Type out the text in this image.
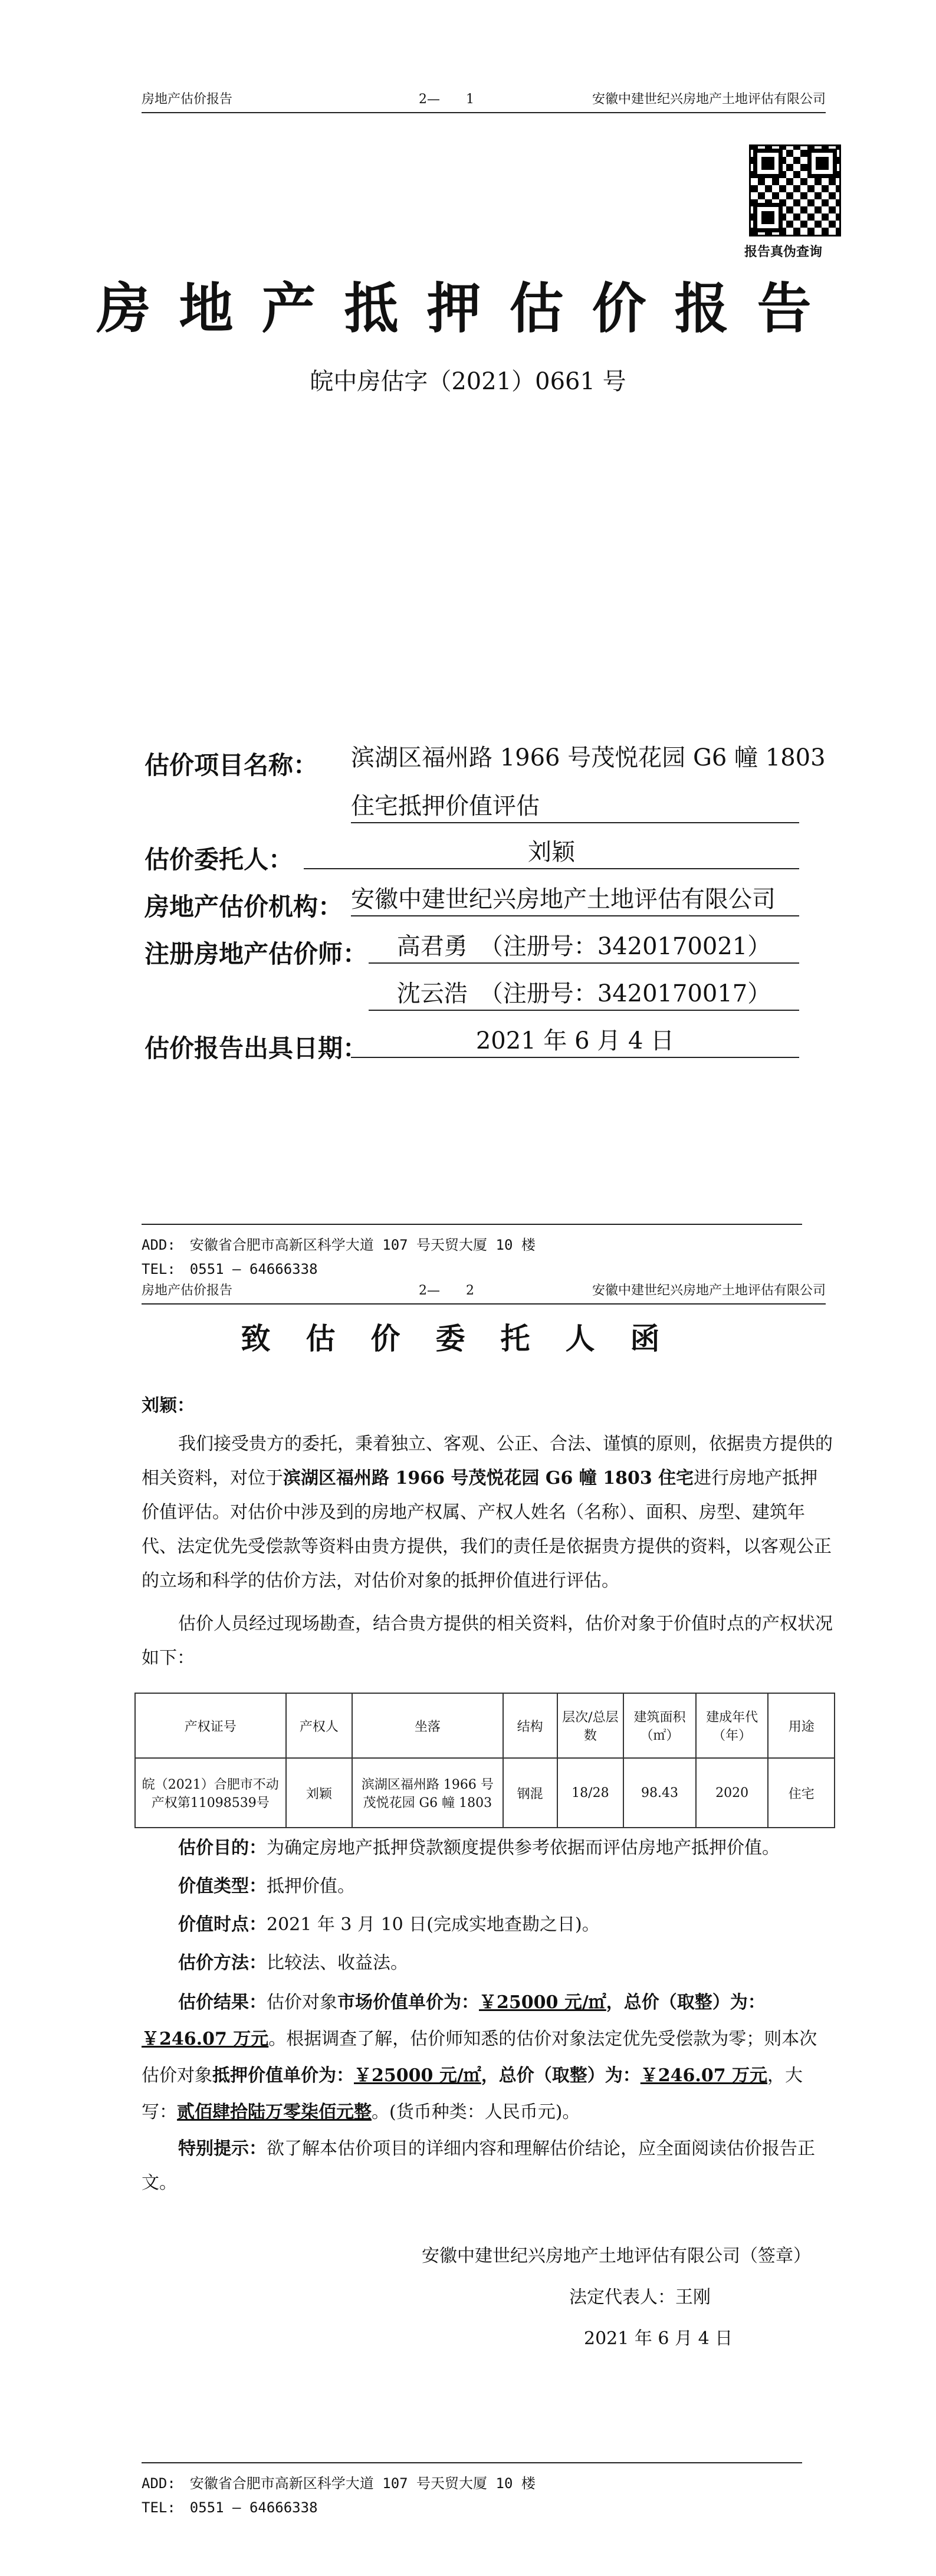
房地产估价报告	2—　　1	安徽中建世纪兴房地产土地评估有限公司
报告真伪查询
房地产抵押估价报告
皖中房估字（2021）0661 号
估价项目名称： 滨湖区福州路 1966 号茂悦花园 G6 幢 1803
住宅抵押价值评估
估价委托人：	刘颖
房地产估价机构： 安徽中建世纪兴房地产土地评估有限公司
注册房地产估价师：	高君勇　（注册号：3420170021）
沈云浩　（注册号：3420170017）
估价报告出具日期：	2021 年 6 月 4 日
ADD:　安徽省合肥市高新区科学大道 107 号天贸大厦 10 楼
TEL:　0551 — 64666338
房地产估价报告	2—　　2	安徽中建世纪兴房地产土地评估有限公司
致估价委托人函
刘颖：
我们接受贵方的委托，秉着独立、客观、公正、合法、谨慎的原则，依据贵方提供的相关资料，对位于滨湖区福州路 1966 号茂悦花园 G6 幢 1803 住宅进行房地产抵押价值评估。对估价中涉及到的房地产权属、产权人姓名（名称）、面积、房型、建筑年代、法定优先受偿款等资料由贵方提供，我们的责任是依据贵方提供的资料，以客观公正的立场和科学的估价方法，对估价对象的抵押价值进行评估。
估价人员经过现场勘查，结合贵方提供的相关资料，估价对象于价值时点的产权状况如下：
产权证号	产权人	坐落	结构	层次/总层数	建筑面积（㎡）	建成年代（年）	用途
皖（2021）合肥市不动产权第11098539号	刘颖	滨湖区福州路 1966 号茂悦花园 G6 幢 1803	钢混	18/28	98.43	2020	住宅
估价目的：为确定房地产抵押贷款额度提供参考依据而评估房地产抵押价值。
价值类型：抵押价值。
价值时点：2021 年 3 月 10 日(完成实地查勘之日)。
估价方法：比较法、收益法。
估价结果：估价对象市场价值单价为：￥25000 元/㎡，总价（取整）为：￥246.07 万元。根据调查了解，估价师知悉的估价对象法定优先受偿款为零；则本次估价对象抵押价值单价为：￥25000 元/㎡，总价（取整）为：￥246.07 万元，大写：贰佰肆拾陆万零柒佰元整。(货币种类：人民币元)。
特别提示：欲了解本估价项目的详细内容和理解估价结论，应全面阅读估价报告正文。
安徽中建世纪兴房地产土地评估有限公司（签章）
法定代表人：王刚
2021 年 6 月 4 日
ADD:　安徽省合肥市高新区科学大道 107 号天贸大厦 10 楼
TEL:　0551 — 64666338
